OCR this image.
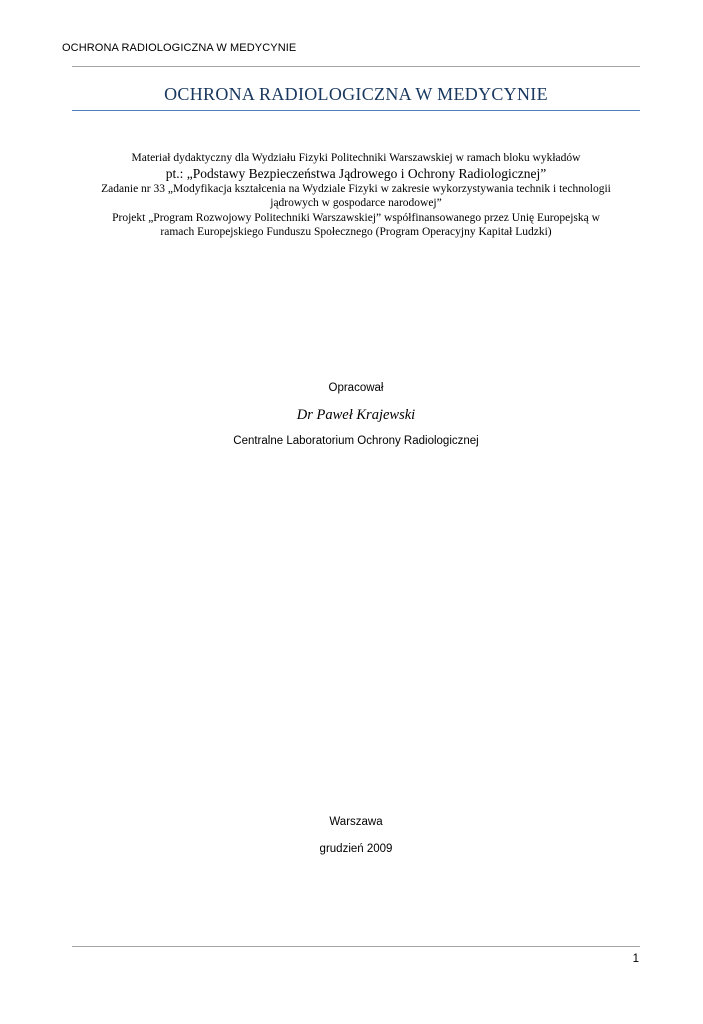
OCHRONA RADIOLOGICZNA W MEDYCYNIE
OCHRONA RADIOLOGICZNA W MEDYCYNIE
Materiał dydaktyczny dla Wydziału Fizyki Politechniki Warszawskiej w ramach bloku wykładów
pt.: „Podstawy Bezpieczeństwa Jądrowego i Ochrony Radiologicznej”
Zadanie nr 33 „Modyfikacja kształcenia na Wydziale Fizyki w zakresie wykorzystywania technik i technologii
jądrowych w gospodarce narodowej”
Projekt „Program Rozwojowy Politechniki Warszawskiej” współfinansowanego przez Unię Europejską w
ramach Europejskiego Funduszu Społecznego (Program Operacyjny Kapitał Ludzki)
Opracował
Dr Paweł Krajewski
Centralne Laboratorium Ochrony Radiologicznej
Warszawa
grudzień 2009
1
